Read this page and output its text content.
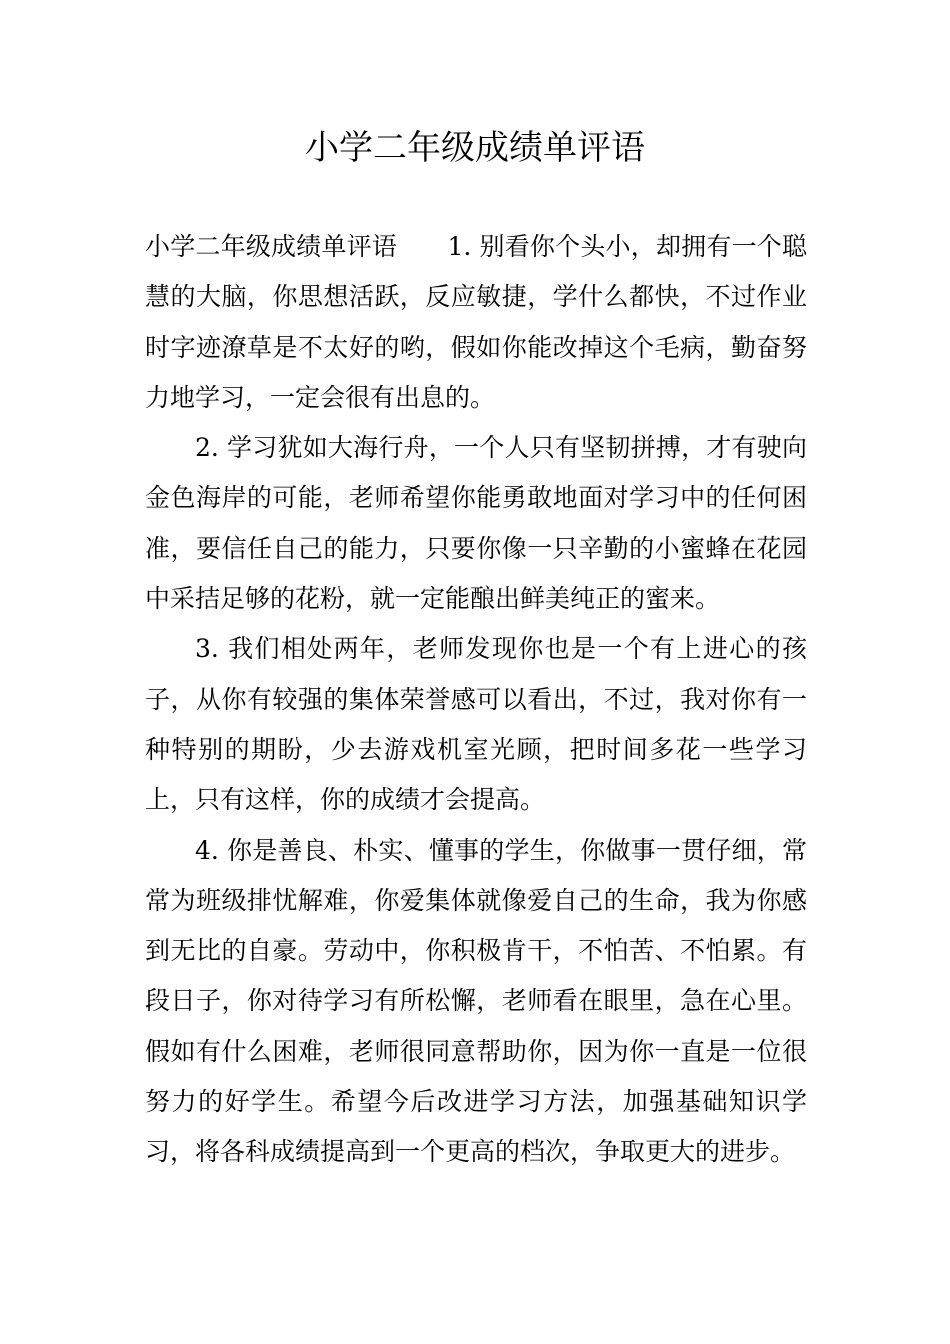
小学二年级成绩单评语

小学二年级成绩单评语　　1. 别看你个头小，却拥有一个聪慧的大脑，你思想活跃，反应敏捷，学什么都快，不过作业时字迹潦草是不太好的哟，假如你能改掉这个毛病，勤奋努力地学习，一定会很有出息的。

2. 学习犹如大海行舟，一个人只有坚韧拼搏，才有驶向金色海岸的可能，老师希望你能勇敢地面对学习中的任何困准，要信任自己的能力，只要你像一只辛勤的小蜜蜂在花园中采拮足够的花粉，就一定能酿出鲜美纯正的蜜来。

3. 我们相处两年，老师发现你也是一个有上进心的孩子，从你有较强的集体荣誉感可以看出，不过，我对你有一种特别的期盼，少去游戏机室光顾，把时间多花一些学习上，只有这样，你的成绩才会提高。

4. 你是善良、朴实、懂事的学生，你做事一贯仔细，常常为班级排忧解难，你爱集体就像爱自己的生命，我为你感到无比的自豪。劳动中，你积极肯干，不怕苦、不怕累。有段日子，你对待学习有所松懈，老师看在眼里，急在心里。假如有什么困难，老师很同意帮助你，因为你一直是一位很努力的好学生。希望今后改进学习方法，加强基础知识学习，将各科成绩提高到一个更高的档次，争取更大的进步。
